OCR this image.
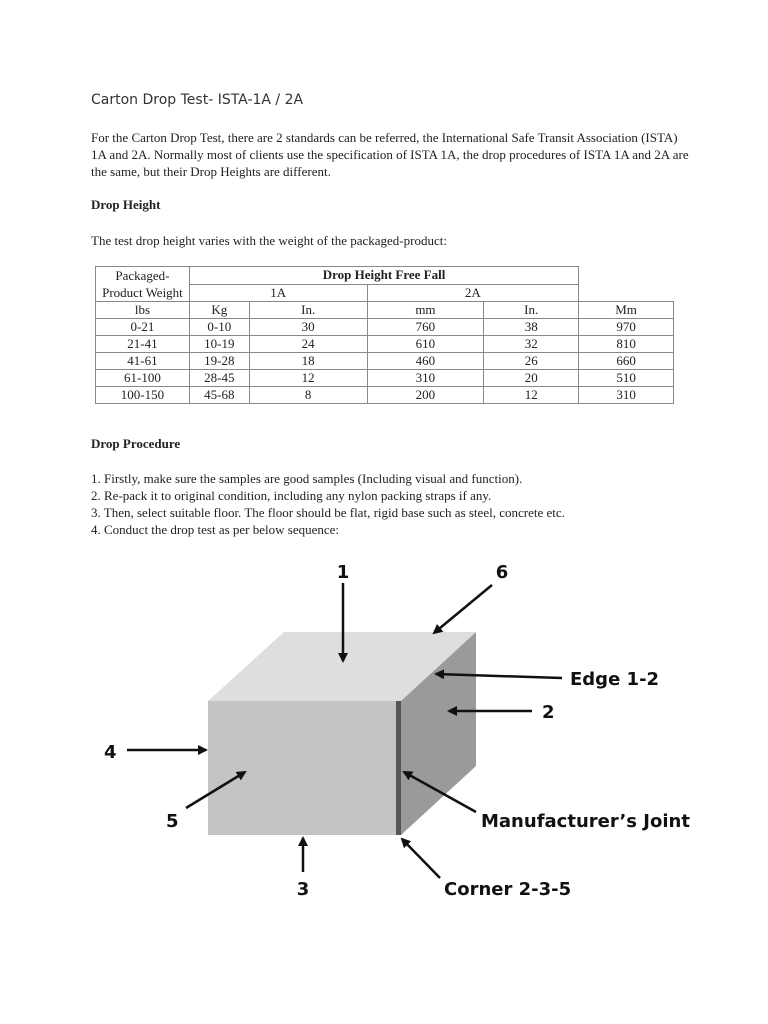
Carton Drop Test- ISTA-1A / 2A
For the Carton Drop Test, there are 2 standards can be referred, the International Safe Transit Association (ISTA) 1A and 2A. Normally most of clients use the specification of ISTA 1A, the drop procedures of ISTA 1A and 2A are the same, but their Drop Heights are different.
Drop Height
The test drop height varies with the weight of the packaged-product:
Packaged-Product Weight	Drop Height Free Fall				
	1A		2A		
lbs	Kg	In.	mm	In.	Mm
0-21	0-10	30	760	38	970
21-41	10-19	24	610	32	810
41-61	19-28	18	460	26	660
61-100	28-45	12	310	20	510
100-150	45-68	8	200	12	310
Drop Procedure
1. Firstly, make sure the samples are good samples (Including visual and function).
2. Re-pack it to original condition, including any nylon packing straps if any.
3. Then, select suitable floor. The floor should be flat, rigid base such as steel, concrete etc.
4. Conduct the drop test as per below sequence:
1	6
Edge 1-2
2
4
5	Manufacturer’s Joint
3	Corner 2-3-5
